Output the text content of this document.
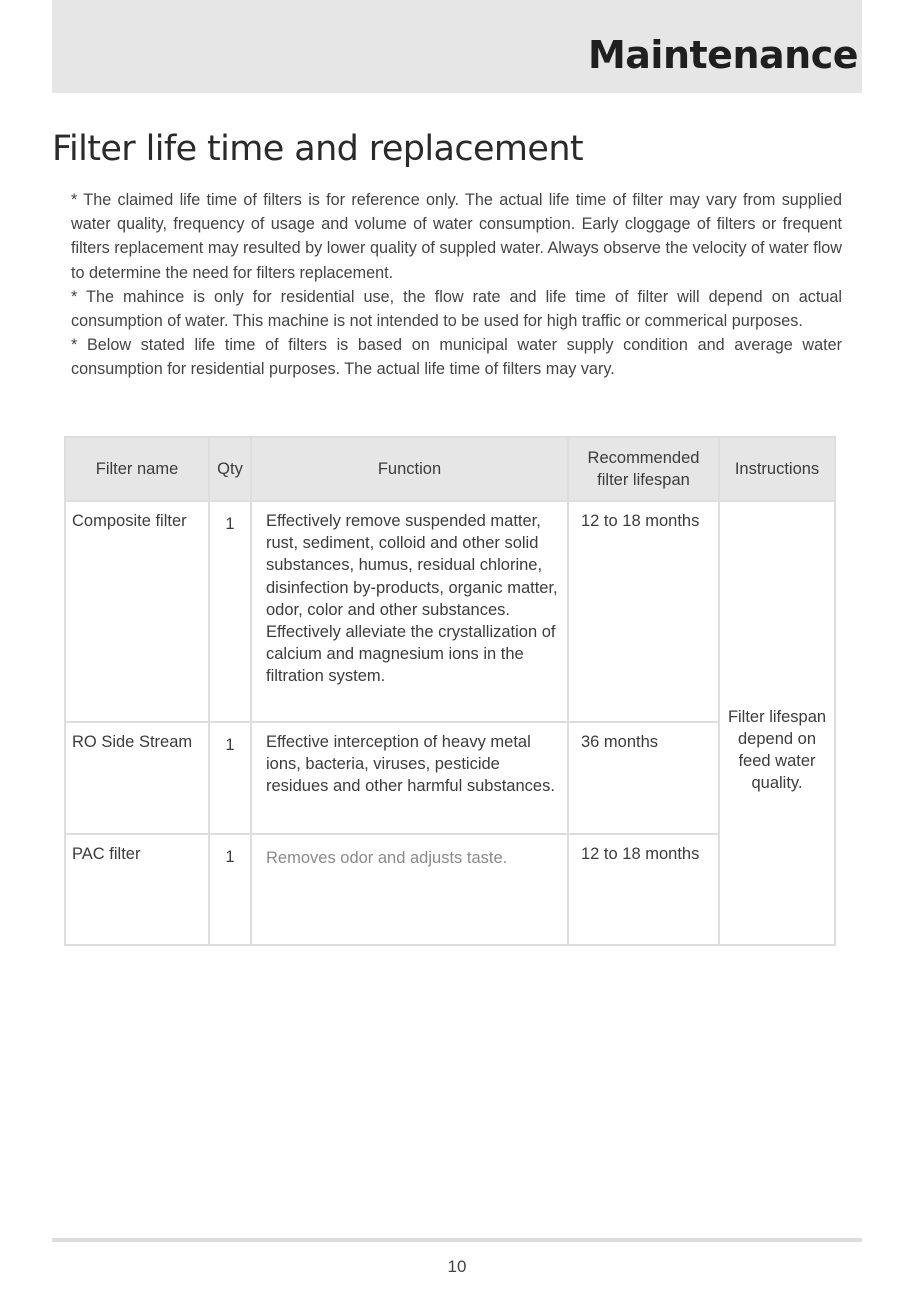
Maintenance
Filter life time and replacement

* The claimed life time of filters is for reference only. The actual life time of filter may vary from supplied water quality, frequency of usage and volume of water consumption. Early cloggage of filters or frequent filters replacement may resulted by lower quality of suppled water. Always observe the velocity of water flow to determine the need for filters replacement.

* The mahince is only for residential use, the flow rate and life time of filter will depend on actual consumption of water. This machine is not intended to be used for high traffic or commerical purposes.

* Below stated life time of filters is based on municipal water supply condition and average water consumption for residential purposes. The actual life time of filters may vary.

Filter name	Qty	Function	Recommended filter lifespan	Instructions
Composite filter	1	Effectively remove suspended matter, rust, sediment, colloid and other solid substances, humus, residual chlorine, disinfection by-products, organic matter, odor, color and other substances. Effectively alleviate the crystallization of calcium and magnesium ions in the filtration system.	12 to 18 months	Filter lifespan depend on feed water quality.
RO Side Stream	1	Effective interception of heavy metal ions, bacteria, viruses, pesticide residues and other harmful substances.	36 months	
PAC filter	1	Removes odor and adjusts taste.	12 to 18 months	
10
